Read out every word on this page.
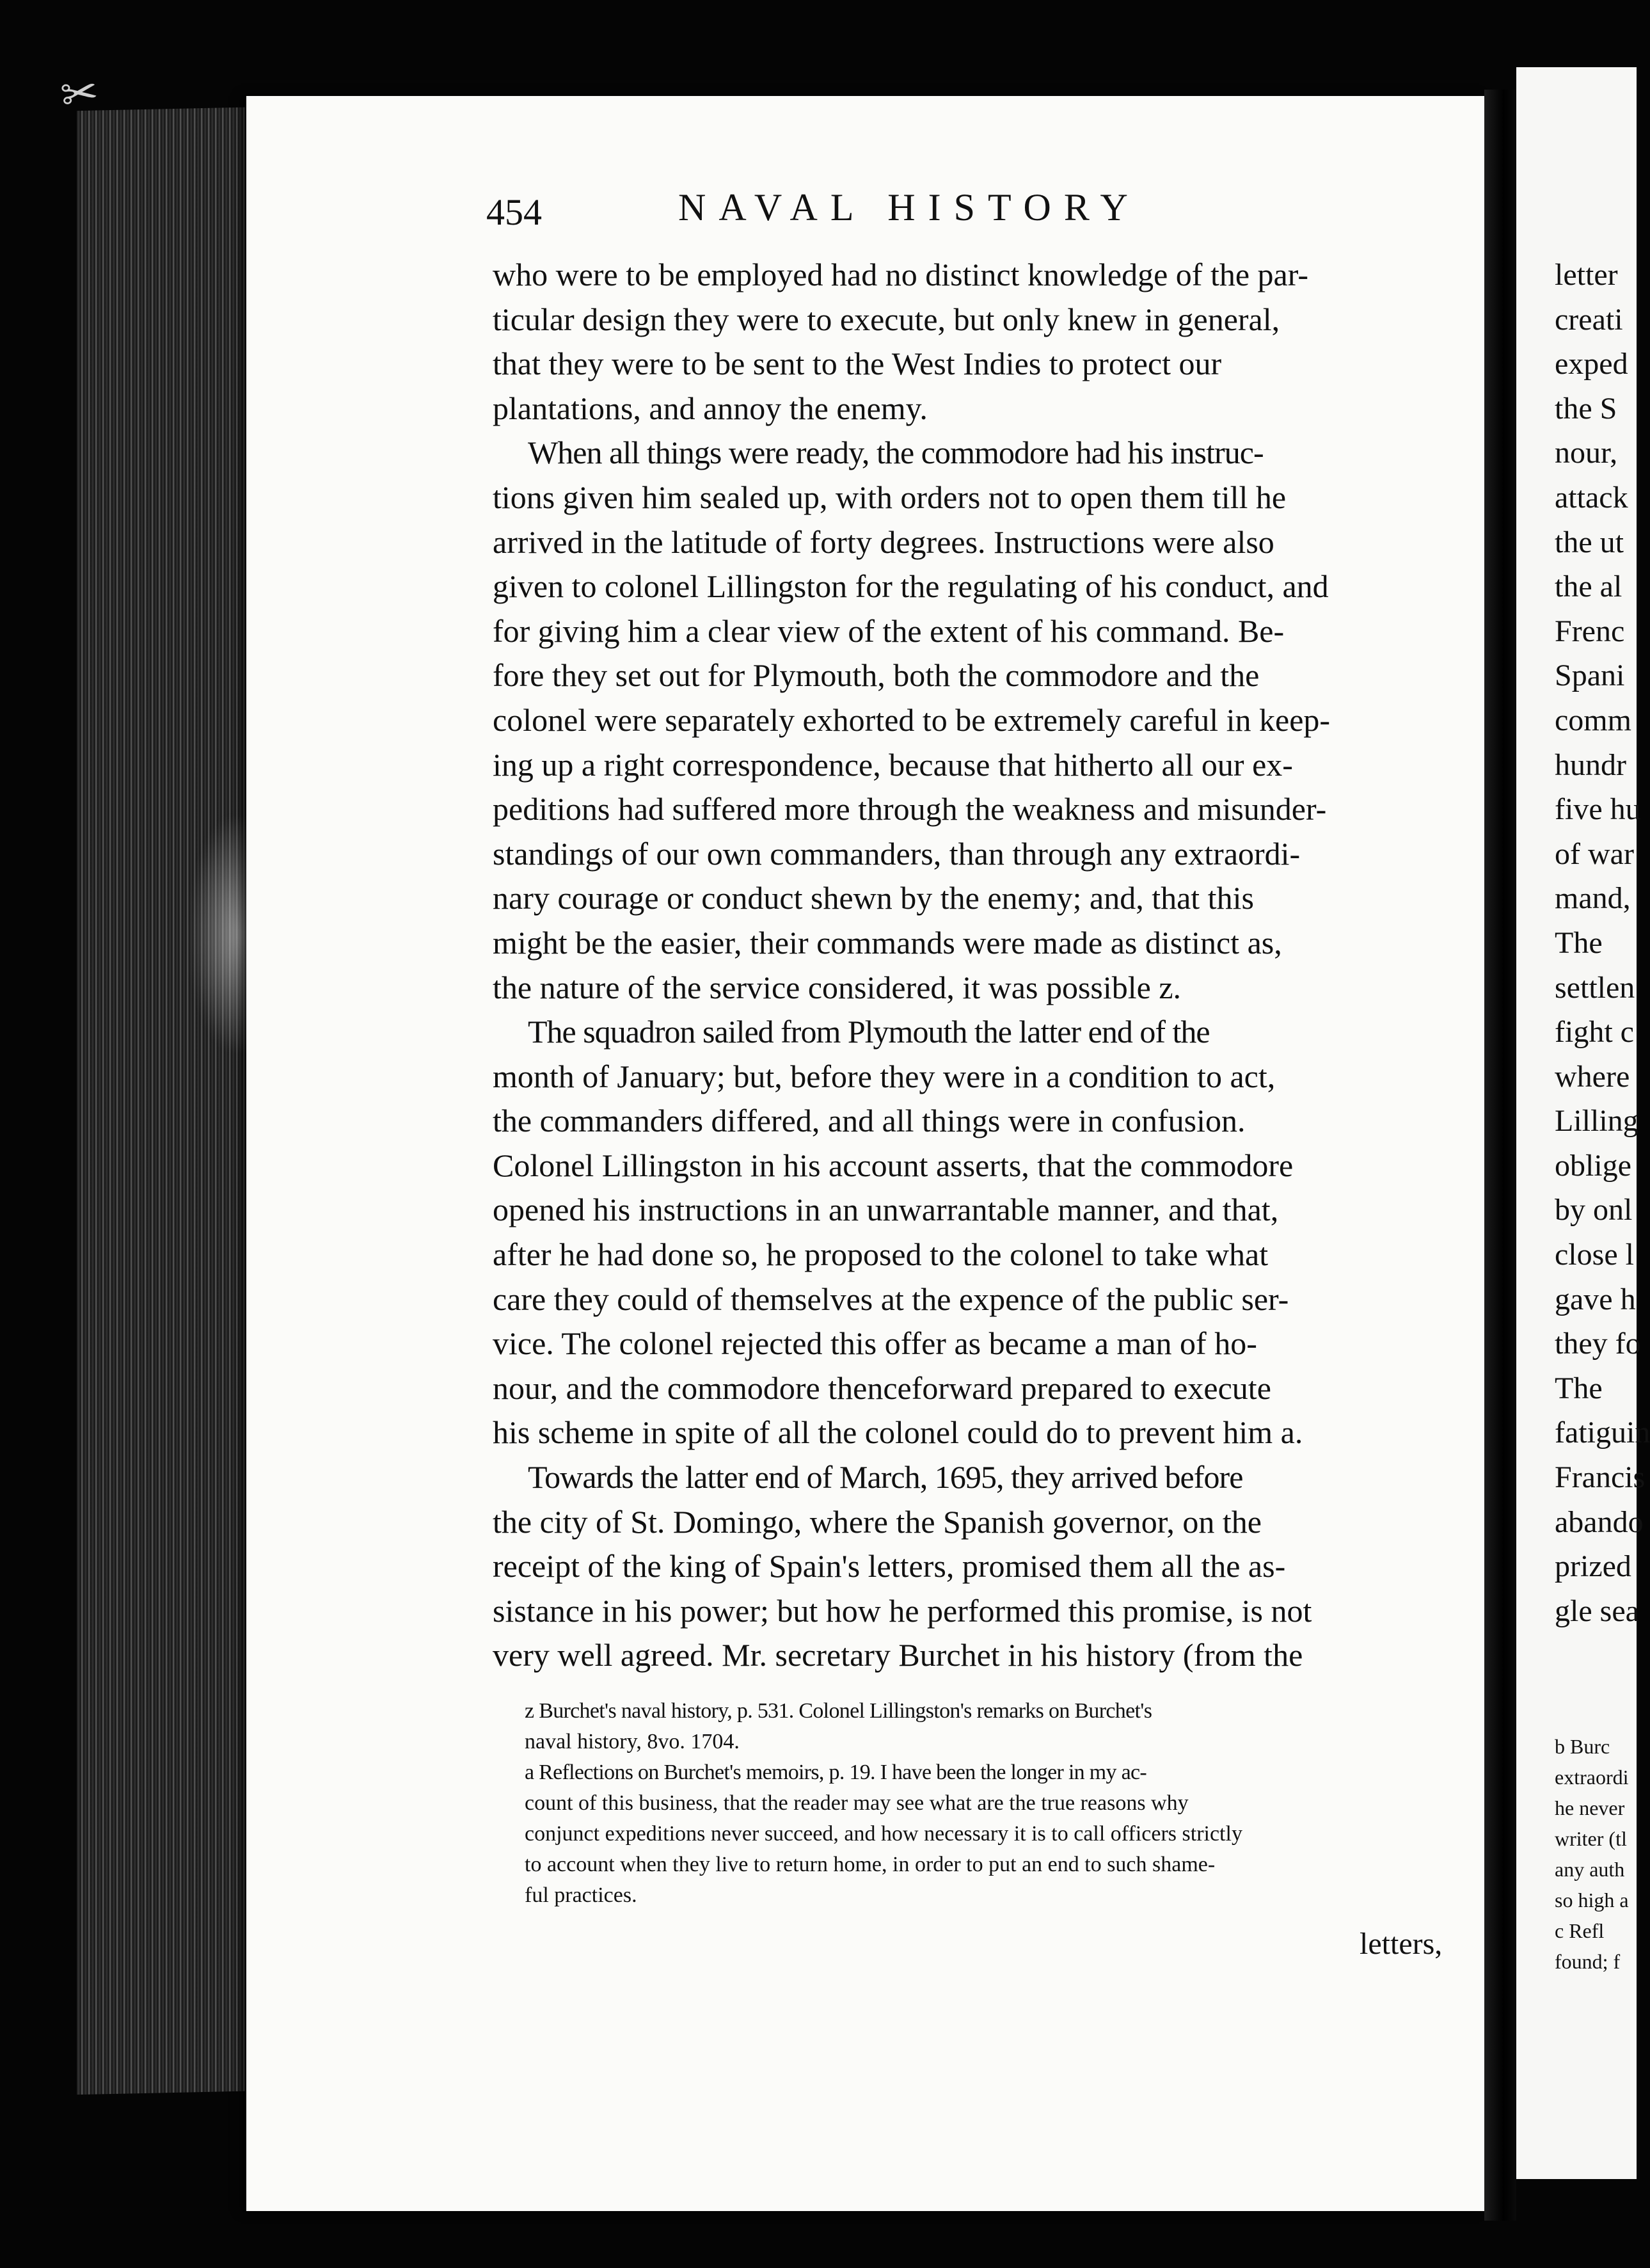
✂
letter
creati
exped
the S
nour,
attack
the ut
the al
Frenc
Spani
comm
hundr
five hu
of war
mand,
The
settlen
fight c
where
Lilling
oblige
by onl
close l
gave h
they fo
The
fatiguin
Francis
abando
prized
gle sea
b Burc
extraordi
he never
writer (tl
any auth
so high a
c Refl
found; f
454	NAVAL HISTORY
who were to be employed had no distinct knowledge of the par-
ticular design they were to execute, but only knew in general,
that they were to be sent to the West Indies to protect our
plantations, and annoy the enemy.
When all things were ready, the commodore had his instruc-
tions given him sealed up, with orders not to open them till he
arrived in the latitude of forty degrees. Instructions were also
given to colonel Lillingston for the regulating of his conduct, and
for giving him a clear view of the extent of his command. Be-
fore they set out for Plymouth, both the commodore and the
colonel were separately exhorted to be extremely careful in keep-
ing up a right correspondence, because that hitherto all our ex-
peditions had suffered more through the weakness and misunder-
standings of our own commanders, than through any extraordi-
nary courage or conduct shewn by the enemy; and, that this
might be the easier, their commands were made as distinct as,
the nature of the service considered, it was possible z.
The squadron sailed from Plymouth the latter end of the
month of January; but, before they were in a condition to act,
the commanders differed, and all things were in confusion.
Colonel Lillingston in his account asserts, that the commodore
opened his instructions in an unwarrantable manner, and that,
after he had done so, he proposed to the colonel to take what
care they could of themselves at the expence of the public ser-
vice. The colonel rejected this offer as became a man of ho-
nour, and the commodore thenceforward prepared to execute
his scheme in spite of all the colonel could do to prevent him a.
Towards the latter end of March, 1695, they arrived before
the city of St. Domingo, where the Spanish governor, on the
receipt of the king of Spain's letters, promised them all the as-
sistance in his power; but how he performed this promise, is not
very well agreed. Mr. secretary Burchet in his history (from the
z Burchet's naval history, p. 531. Colonel Lillingston's remarks on Burchet's
naval history, 8vo. 1704.
a Reflections on Burchet's memoirs, p. 19. I have been the longer in my ac-
count of this business, that the reader may see what are the true reasons why
conjunct expeditions never succeed, and how necessary it is to call officers strictly
to account when they live to return home, in order to put an end to such shame-
ful practices.
letters,
